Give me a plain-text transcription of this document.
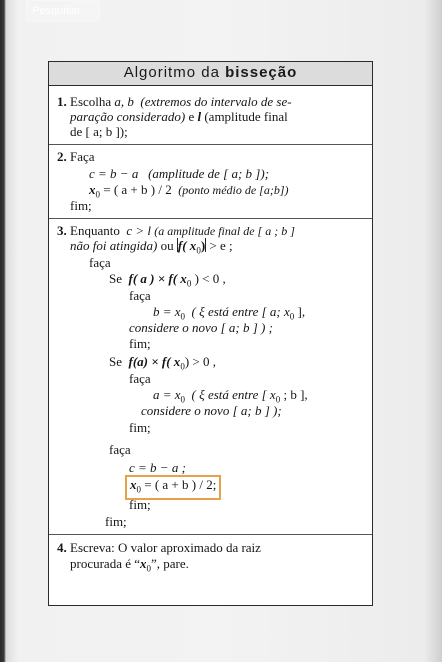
Pesquisar
Algoritmo da bisseção
1. Escolha a, b (extremos do intervalo de se-
paração considerado) e l (amplitude final
de [ a; b ]);
2. Faça
c = b − a (amplitude de [ a; b ]);
$x_0$ = ( a + b ) / 2 (ponto médio de [a;b])
fim;
3. Enquanto c > l (a amplitude final de [ a ; b ]
não foi atingida) ou f( $x_0) > e$ ;
faça
Se f( a ) × f( $x_0$ ) < 0 ,
faça
$b = x_0$ ( ξ está entre [ a; $x_0$ ],
considere o novo [ a; b ] ) ;
fim;
Se f(a) × f( $x_0) > 0$ ,
faça
$a = x_0$ ( ξ está entre [ $x_0$ ; b ],
considere o novo [ a; b ] );
fim;
faça
c = b − a ;
$x_0$ = ( a + b ) / 2;
fim;
fim;
4. Escreva: O valor aproximado da raiz
procurada é “$x_0$”, pare.
